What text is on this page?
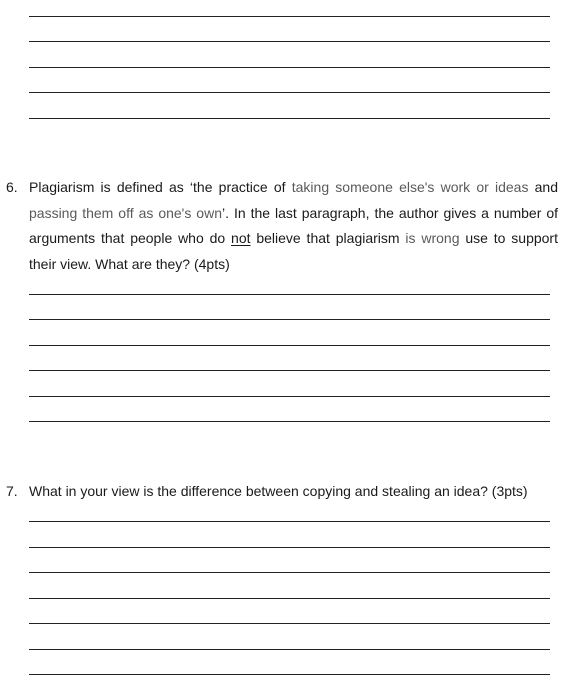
6. Plagiarism is defined as ‘the practice of taking someone else's work or ideas and passing them off as one's own’. In the last paragraph, the author gives a number of arguments that people who do not believe that plagiarism is wrong use to support their view. What are they? (4pts)
7. What in your view is the difference between copying and stealing an idea? (3pts)
